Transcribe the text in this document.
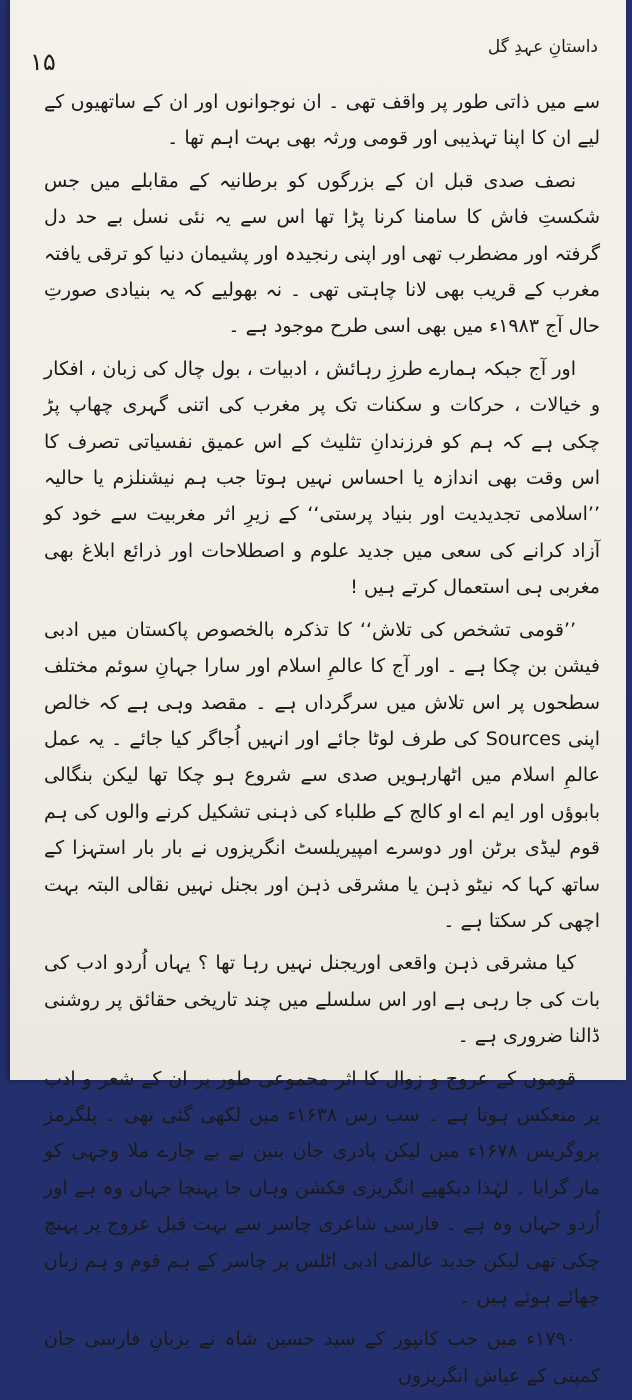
۱۵
داستانِ عہدِ گل

سے میں ذاتی طور پر واقف تھی ۔ ان نوجوانوں اور ان کے ساتھیوں کے لیے ان کا اپنا تہذیبی اور قومی ورثہ بھی بہت اہم تھا ۔

نصف صدی قبل ان کے بزرگوں کو برطانیہ کے مقابلے میں جس شکستِ فاش کا سامنا کرنا پڑا تھا اس سے یہ نئی نسل بے حد دل گرفتہ اور مضطرب تھی اور اپنی رنجیدہ اور پشیمان دنیا کو ترقی یافتہ مغرب کے قریب بھی لانا چاہتی تھی ۔ نہ بھولیے کہ یہ بنیادی صورتِ حال آج ۱۹۸۳ء میں بھی اسی طرح موجود ہے ۔

اور آج جبکہ ہمارے طرزِ رہائش ، ادبیات ، بول چال کی زبان ، افکار و خیالات ، حرکات و سکنات تک پر مغرب کی اتنی گہری چھاپ پڑ چکی ہے کہ ہم کو فرزندانِ تثلیث کے اس عمیق نفسیاتی تصرف کا اس وقت بھی اندازہ یا احساس نہیں ہوتا جب ہم نیشنلزم یا حالیہ ’’اسلامی تجدیدیت اور بنیاد پرستی‘‘ کے زیرِ اثر مغربیت سے خود کو آزاد کرانے کی سعی میں جدید علوم و اصطلاحات اور ذرائع ابلاغ بھی مغربی ہی استعمال کرتے ہیں !

’’قومی تشخص کی تلاش‘‘ کا تذکرہ بالخصوص پاکستان میں ادبی فیشن بن چکا ہے ۔ اور آج کا عالمِ اسلام اور سارا جہانِ سوئم مختلف سطحوں پر اس تلاش میں سرگرداں ہے ۔ مقصد وہی ہے کہ خالص اپنی Sources کی طرف لوٹا جائے اور انہیں اُجاگر کیا جائے ۔ یہ عمل عالمِ اسلام میں اٹھارہویں صدی سے شروع ہو چکا تھا لیکن بنگالی بابوؤں اور ایم اے او کالج کے طلباء کی ذہنی تشکیل کرنے والوں کی ہم قوم لیڈی برٹن اور دوسرے امپیریلسٹ انگریزوں نے بار بار استہزا کے ساتھ کہا کہ نیٹو ذہن یا مشرقی ذہن اور بجنل نہیں نقالی البتہ بہت اچھی کر سکتا ہے ۔

کیا مشرقی ذہن واقعی اوریجنل نہیں رہا تھا ؟ یہاں اُردو ادب کی بات کی جا رہی ہے اور اس سلسلے میں چند تاریخی حقائق پر روشنی ڈالنا ضروری ہے ۔

قوموں کے عروج و زوال کا اثر مجموعی طور پر ان کے شعر و ادب پر منعکس ہوتا ہے ۔ سب رس ۱۶۳۸ء میں لکھی گئی تھی ۔ پلگرمز پروگریس ۱۶۷۸ء میں لیکن پادری جان بنین نے بے چارے ملا وجہی کو مار گرایا ۔ لہٰذا دیکھیے انگریزی فکشن وہاں جا پہنچا جہاں وہ ہے اور اُردو جہاں وہ ہے ۔ فارسی شاعری چاسر سے بہت قبل عروج پر پہنچ چکی تھی لیکن جدید عالمی ادبی اٹلس پر چاسر کے ہم قوم و ہم زبان چھائے ہوئے ہیں ۔

۱۷۹۰ء میں جب کانپور کے سید حسین شاہ نے بزبانِ فارسی جان کمپنی کے عیاش انگریزوں
